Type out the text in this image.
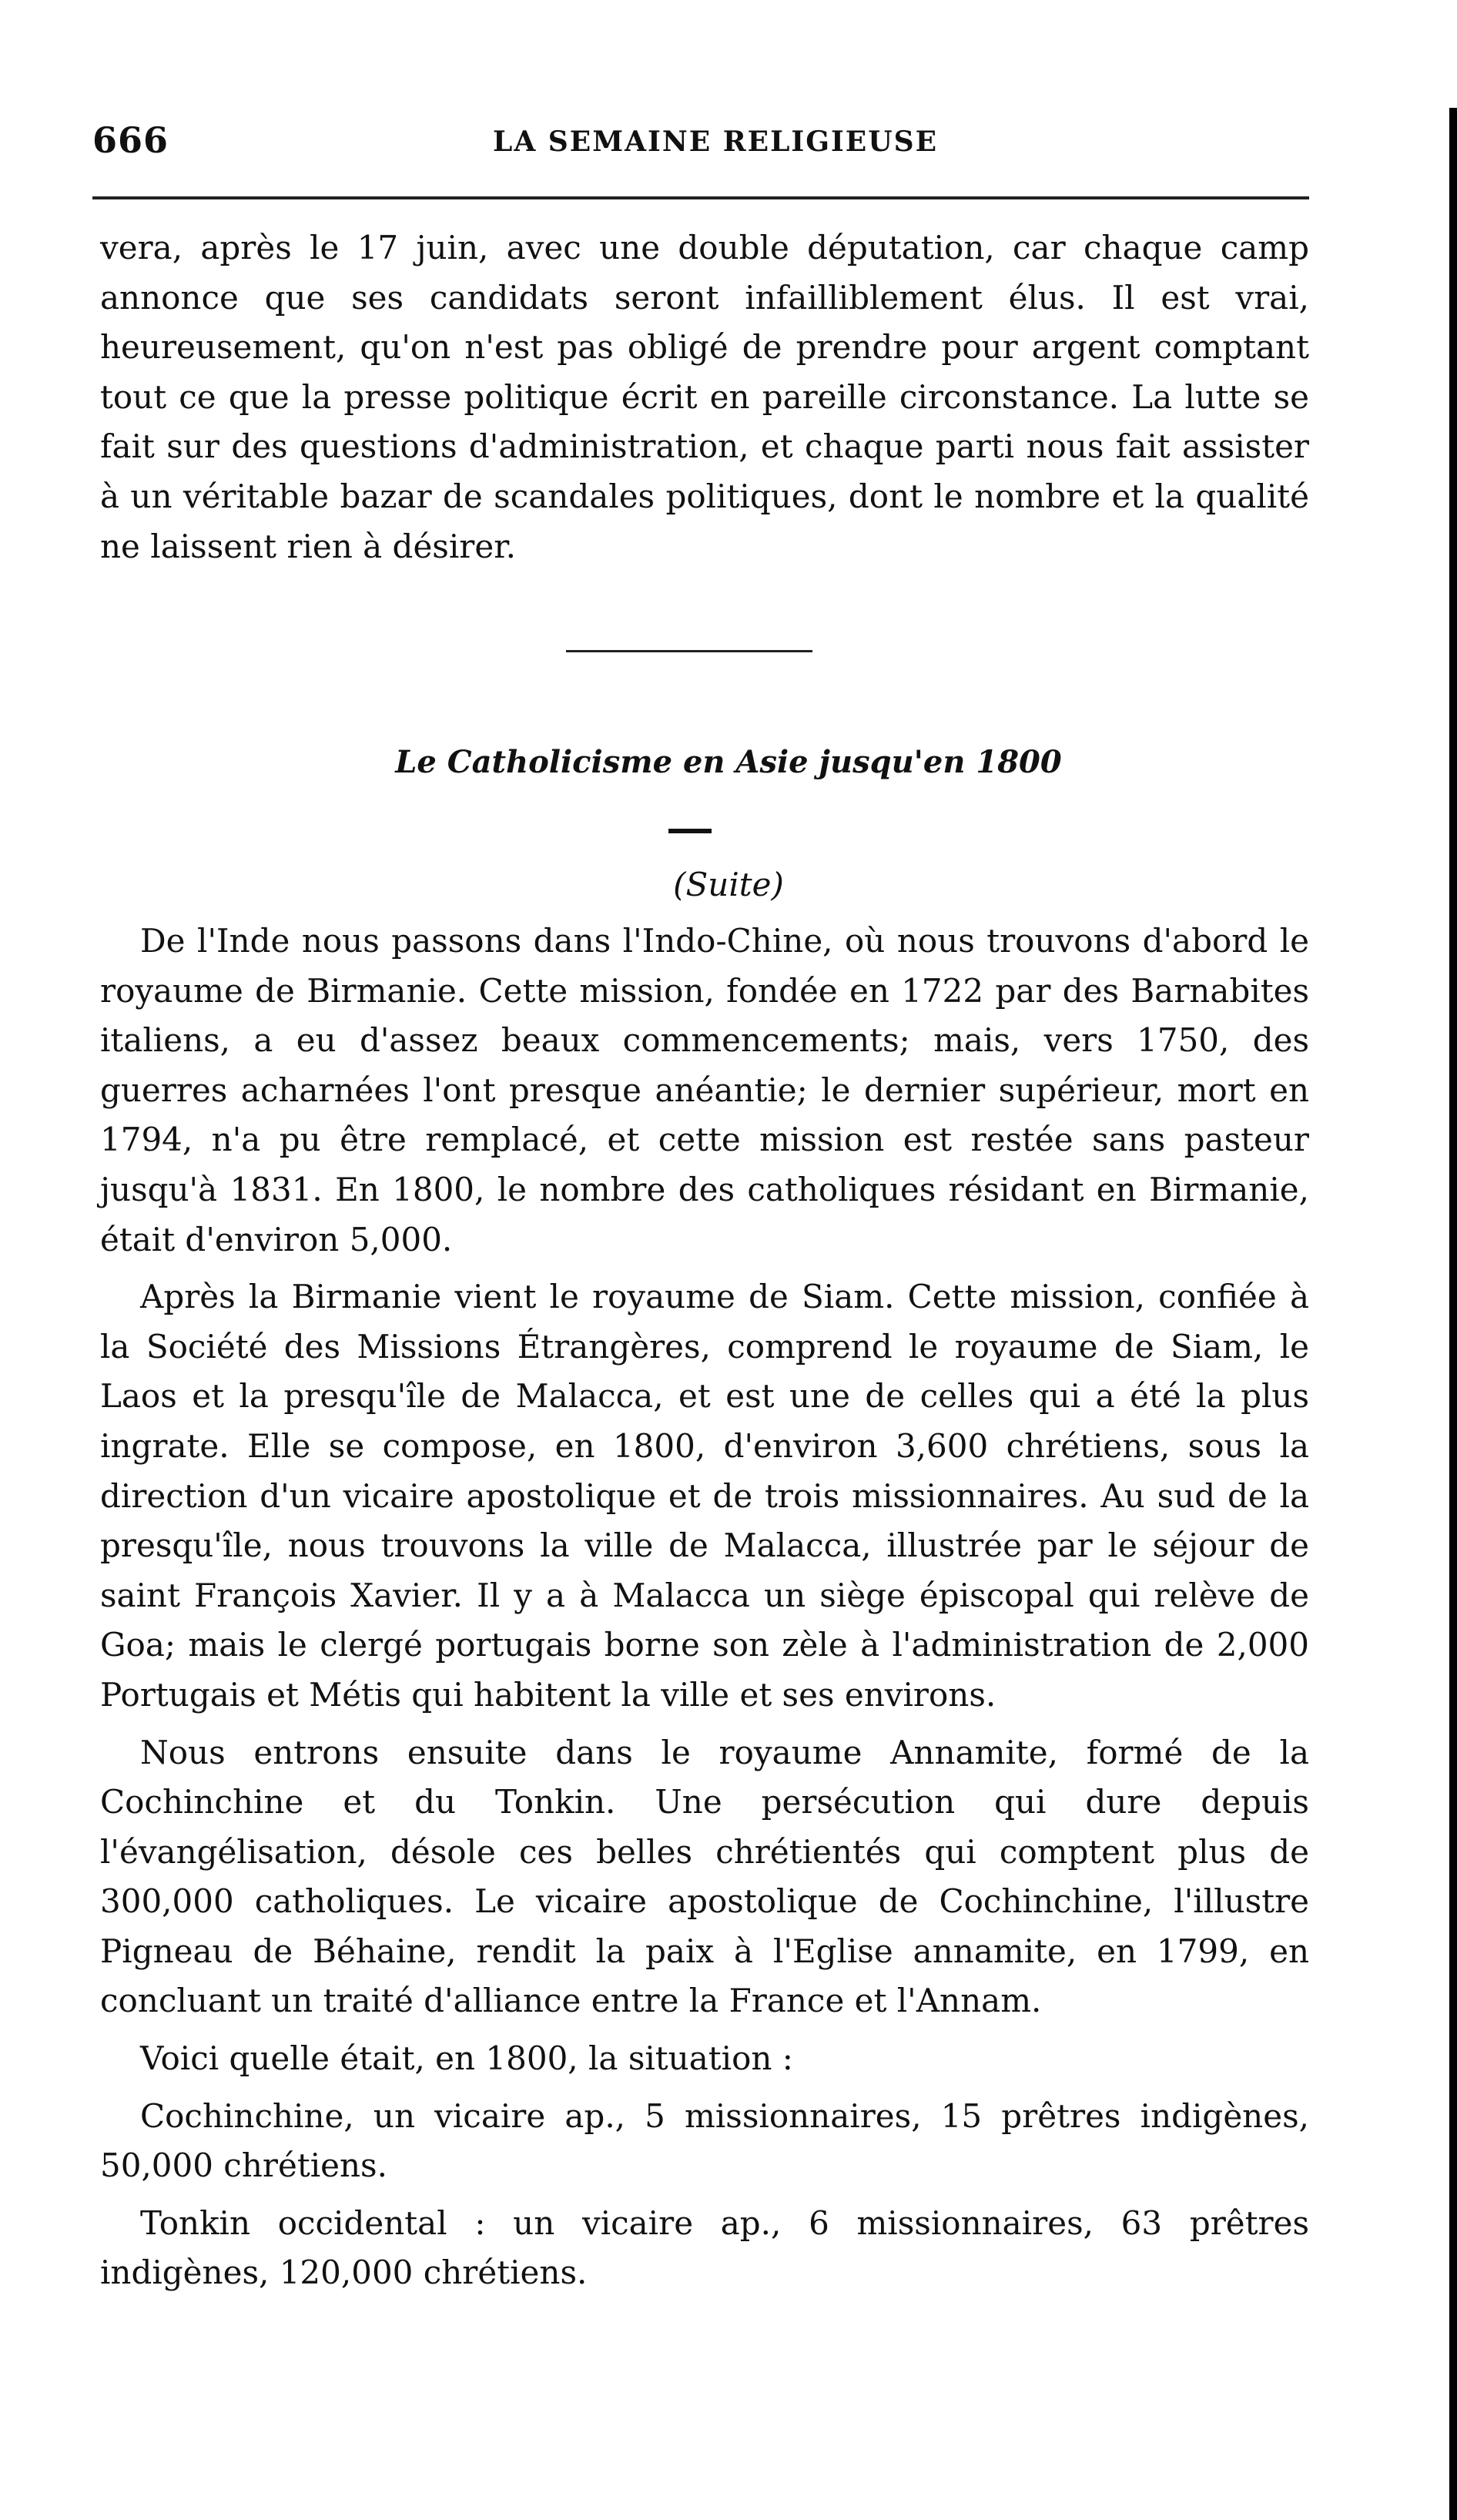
666	LA SEMAINE RELIGIEUSE

vera, après le 17 juin, avec une double députation, car chaque camp annonce que ses candidats seront infailliblement élus. Il est vrai, heureusement, qu'on n'est pas obligé de prendre pour argent comptant tout ce que la presse politique écrit en pareille circonstance. La lutte se fait sur des questions d'administration, et chaque parti nous fait assister à un véritable bazar de scandales politiques, dont le nombre et la qualité ne laissent rien à désirer.

Le Catholicisme en Asie jusqu'en 1800
(Suite)

De l'Inde nous passons dans l'Indo-Chine, où nous trouvons d'abord le royaume de Birmanie. Cette mission, fondée en 1722 par des Barnabites italiens, a eu d'assez beaux commencements; mais, vers 1750, des guerres acharnées l'ont presque anéantie; le dernier supérieur, mort en 1794, n'a pu être remplacé, et cette mission est restée sans pasteur jusqu'à 1831. En 1800, le nombre des catholiques résidant en Birmanie, était d'environ 5,000.

Après la Birmanie vient le royaume de Siam. Cette mission, confiée à la Société des Missions Étrangères, comprend le royaume de Siam, le Laos et la presqu'île de Malacca, et est une de celles qui a été la plus ingrate. Elle se compose, en 1800, d'environ 3,600 chrétiens, sous la direction d'un vicaire apostolique et de trois missionnaires. Au sud de la presqu'île, nous trouvons la ville de Malacca, illustrée par le séjour de saint François Xavier. Il y a à Malacca un siège épiscopal qui relève de Goa; mais le clergé portugais borne son zèle à l'administration de 2,000 Portugais et Métis qui habitent la ville et ses environs.

Nous entrons ensuite dans le royaume Annamite, formé de la Cochinchine et du Tonkin. Une persécution qui dure depuis l'évangélisation, désole ces belles chrétientés qui comptent plus de 300,000 catholiques. Le vicaire apostolique de Cochinchine, l'illustre Pigneau de Béhaine, rendit la paix à l'Eglise annamite, en 1799, en concluant un traité d'alliance entre la France et l'Annam.

Voici quelle était, en 1800, la situation :

Cochinchine, un vicaire ap., 5 missionnaires, 15 prêtres indigènes, 50,000 chrétiens.

Tonkin occidental : un vicaire ap., 6 missionnaires, 63 prêtres indigènes, 120,000 chrétiens.
